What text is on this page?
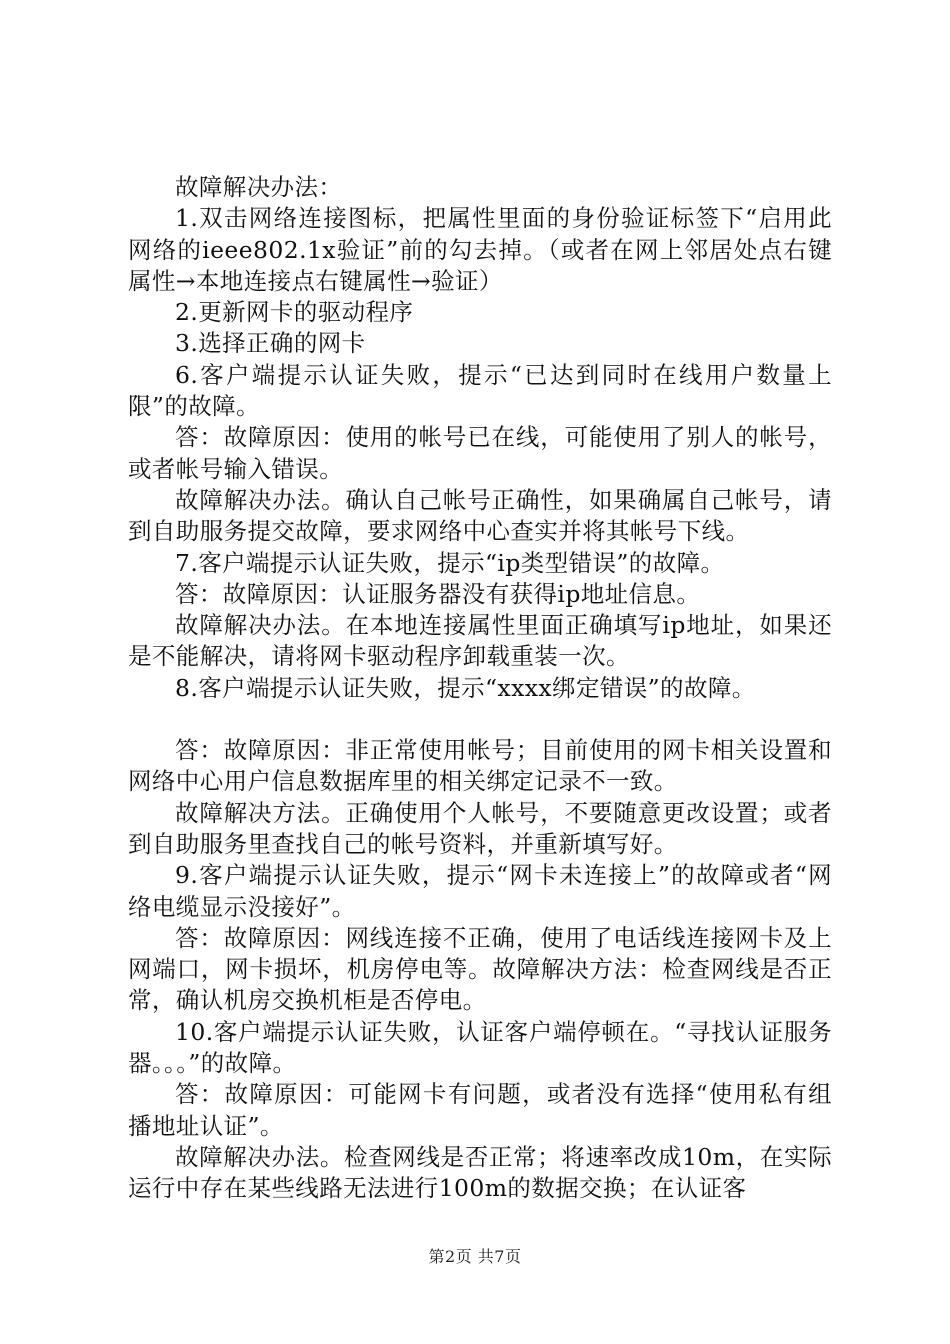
故障解决办法：

1.双击网络连接图标，把属性里面的身份验证标签下“启用此网络的ieee802.1x验证”前的勾去掉。（或者在网上邻居处点右键属性→本地连接点右键属性→验证）

2.更新网卡的驱动程序

3.选择正确的网卡

6.客户端提示认证失败，提示“已达到同时在线用户数量上限”的故障。

答：故障原因：使用的帐号已在线，可能使用了别人的帐号，或者帐号输入错误。

故障解决办法。确认自己帐号正确性，如果确属自己帐号，请到自助服务提交故障，要求网络中心查实并将其帐号下线。

7.客户端提示认证失败，提示“ip类型错误”的故障。

答：故障原因：认证服务器没有获得ip地址信息。

故障解决办法。在本地连接属性里面正确填写ip地址，如果还是不能解决，请将网卡驱动程序卸载重装一次。

8.客户端提示认证失败，提示“xxxx绑定错误”的故障。

答：故障原因：非正常使用帐号；目前使用的网卡相关设置和网络中心用户信息数据库里的相关绑定记录不一致。

故障解决方法。正确使用个人帐号，不要随意更改设置；或者到自助服务里查找自己的帐号资料，并重新填写好。

9.客户端提示认证失败，提示“网卡未连接上”的故障或者“网络电缆显示没接好”。

答：故障原因：网线连接不正确，使用了电话线连接网卡及上网端口，网卡损坏，机房停电等。故障解决方法：检查网线是否正常，确认机房交换机柜是否停电。

10.客户端提示认证失败，认证客户端停顿在。“寻找认证服务器。。。”的故障。

答：故障原因：可能网卡有问题，或者没有选择“使用私有组播地址认证”。

故障解决办法。检查网线是否正常；将速率改成10m，在实际运行中存在某些线路无法进行100m的数据交换；在认证客

第2页 共7页
